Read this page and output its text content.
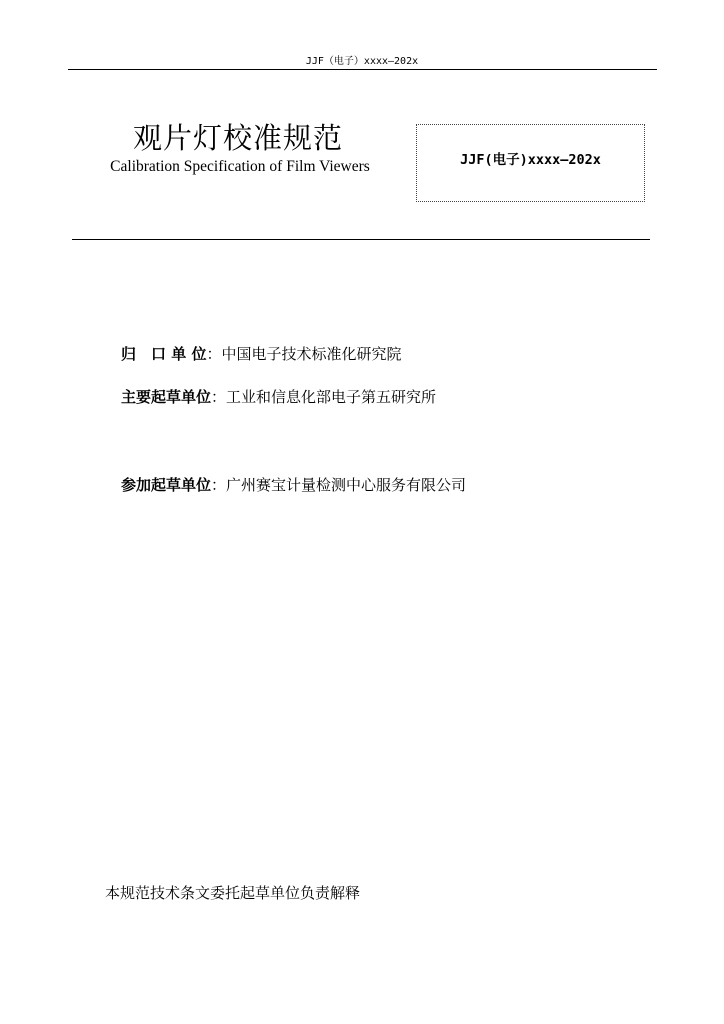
JJF（电子）xxxx—202x
观片灯校准规范
Calibration Specification of Film Viewers	JJF(电子)xxxx—202x
归　口 单 位 ： 中国电子技术标准化研究院
主要起草单位 ： 工业和信息化部电子第五研究所
参加起草单位 ： 广州赛宝计量检测中心服务有限公司
本规范技术条文委托起草单位负责解释
